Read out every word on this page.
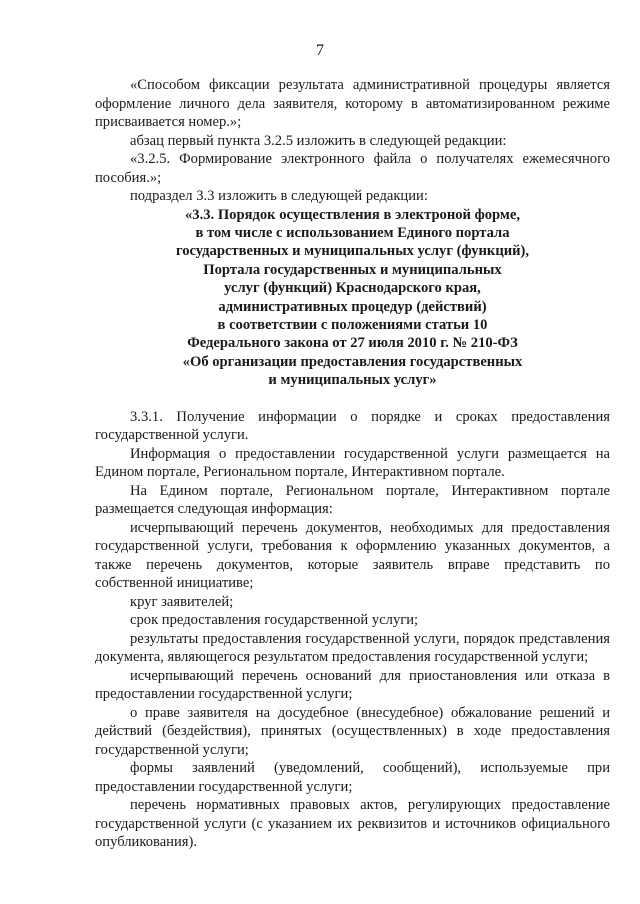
7

«Способом фиксации результата административной процедуры является оформление личного дела заявителя, которому в автоматизированном режиме присваивается номер.»;

абзац первый пункта 3.2.5 изложить в следующей редакции:

«3.2.5. Формирование электронного файла о получателях ежемесячного пособия.»;

подраздел 3.3 изложить в следующей редакции:

«3.3. Порядок осуществления в электроной форме,
в том числе с использованием Единого портала
государственных и муниципальных услуг (функций),
Портала государственных и муниципальных
услуг (функций) Краснодарского края,
административных процедур (действий)
в соответствии с положениями статьи 10
Федерального закона от 27 июля 2010 г. № 210-ФЗ
«Об организации предоставления государственных
и муниципальных услуг»

3.3.1. Получение информации о порядке и сроках предоставления государственной услуги.

Информация о предоставлении государственной услуги размещается на Едином портале, Региональном портале, Интерактивном портале.

На Едином портале, Региональном портале, Интерактивном портале размещается следующая информация:

исчерпывающий перечень документов, необходимых для предоставления государственной услуги, требования к оформлению указанных документов, а также перечень документов, которые заявитель вправе представить по собственной инициативе;

круг заявителей;

срок предоставления государственной услуги;

результаты предоставления государственной услуги, порядок представления документа, являющегося результатом предоставления государственной услуги;

исчерпывающий перечень оснований для приостановления или отказа в предоставлении государственной услуги;

о праве заявителя на досудебное (внесудебное) обжалование решений и действий (бездействия), принятых (осуществленных) в ходе предоставления государственной услуги;

формы заявлений (уведомлений, сообщений), используемые при предоставлении государственной услуги;

перечень нормативных правовых актов, регулирующих предоставление государственной услуги (с указанием их реквизитов и источников официального опубликования).
